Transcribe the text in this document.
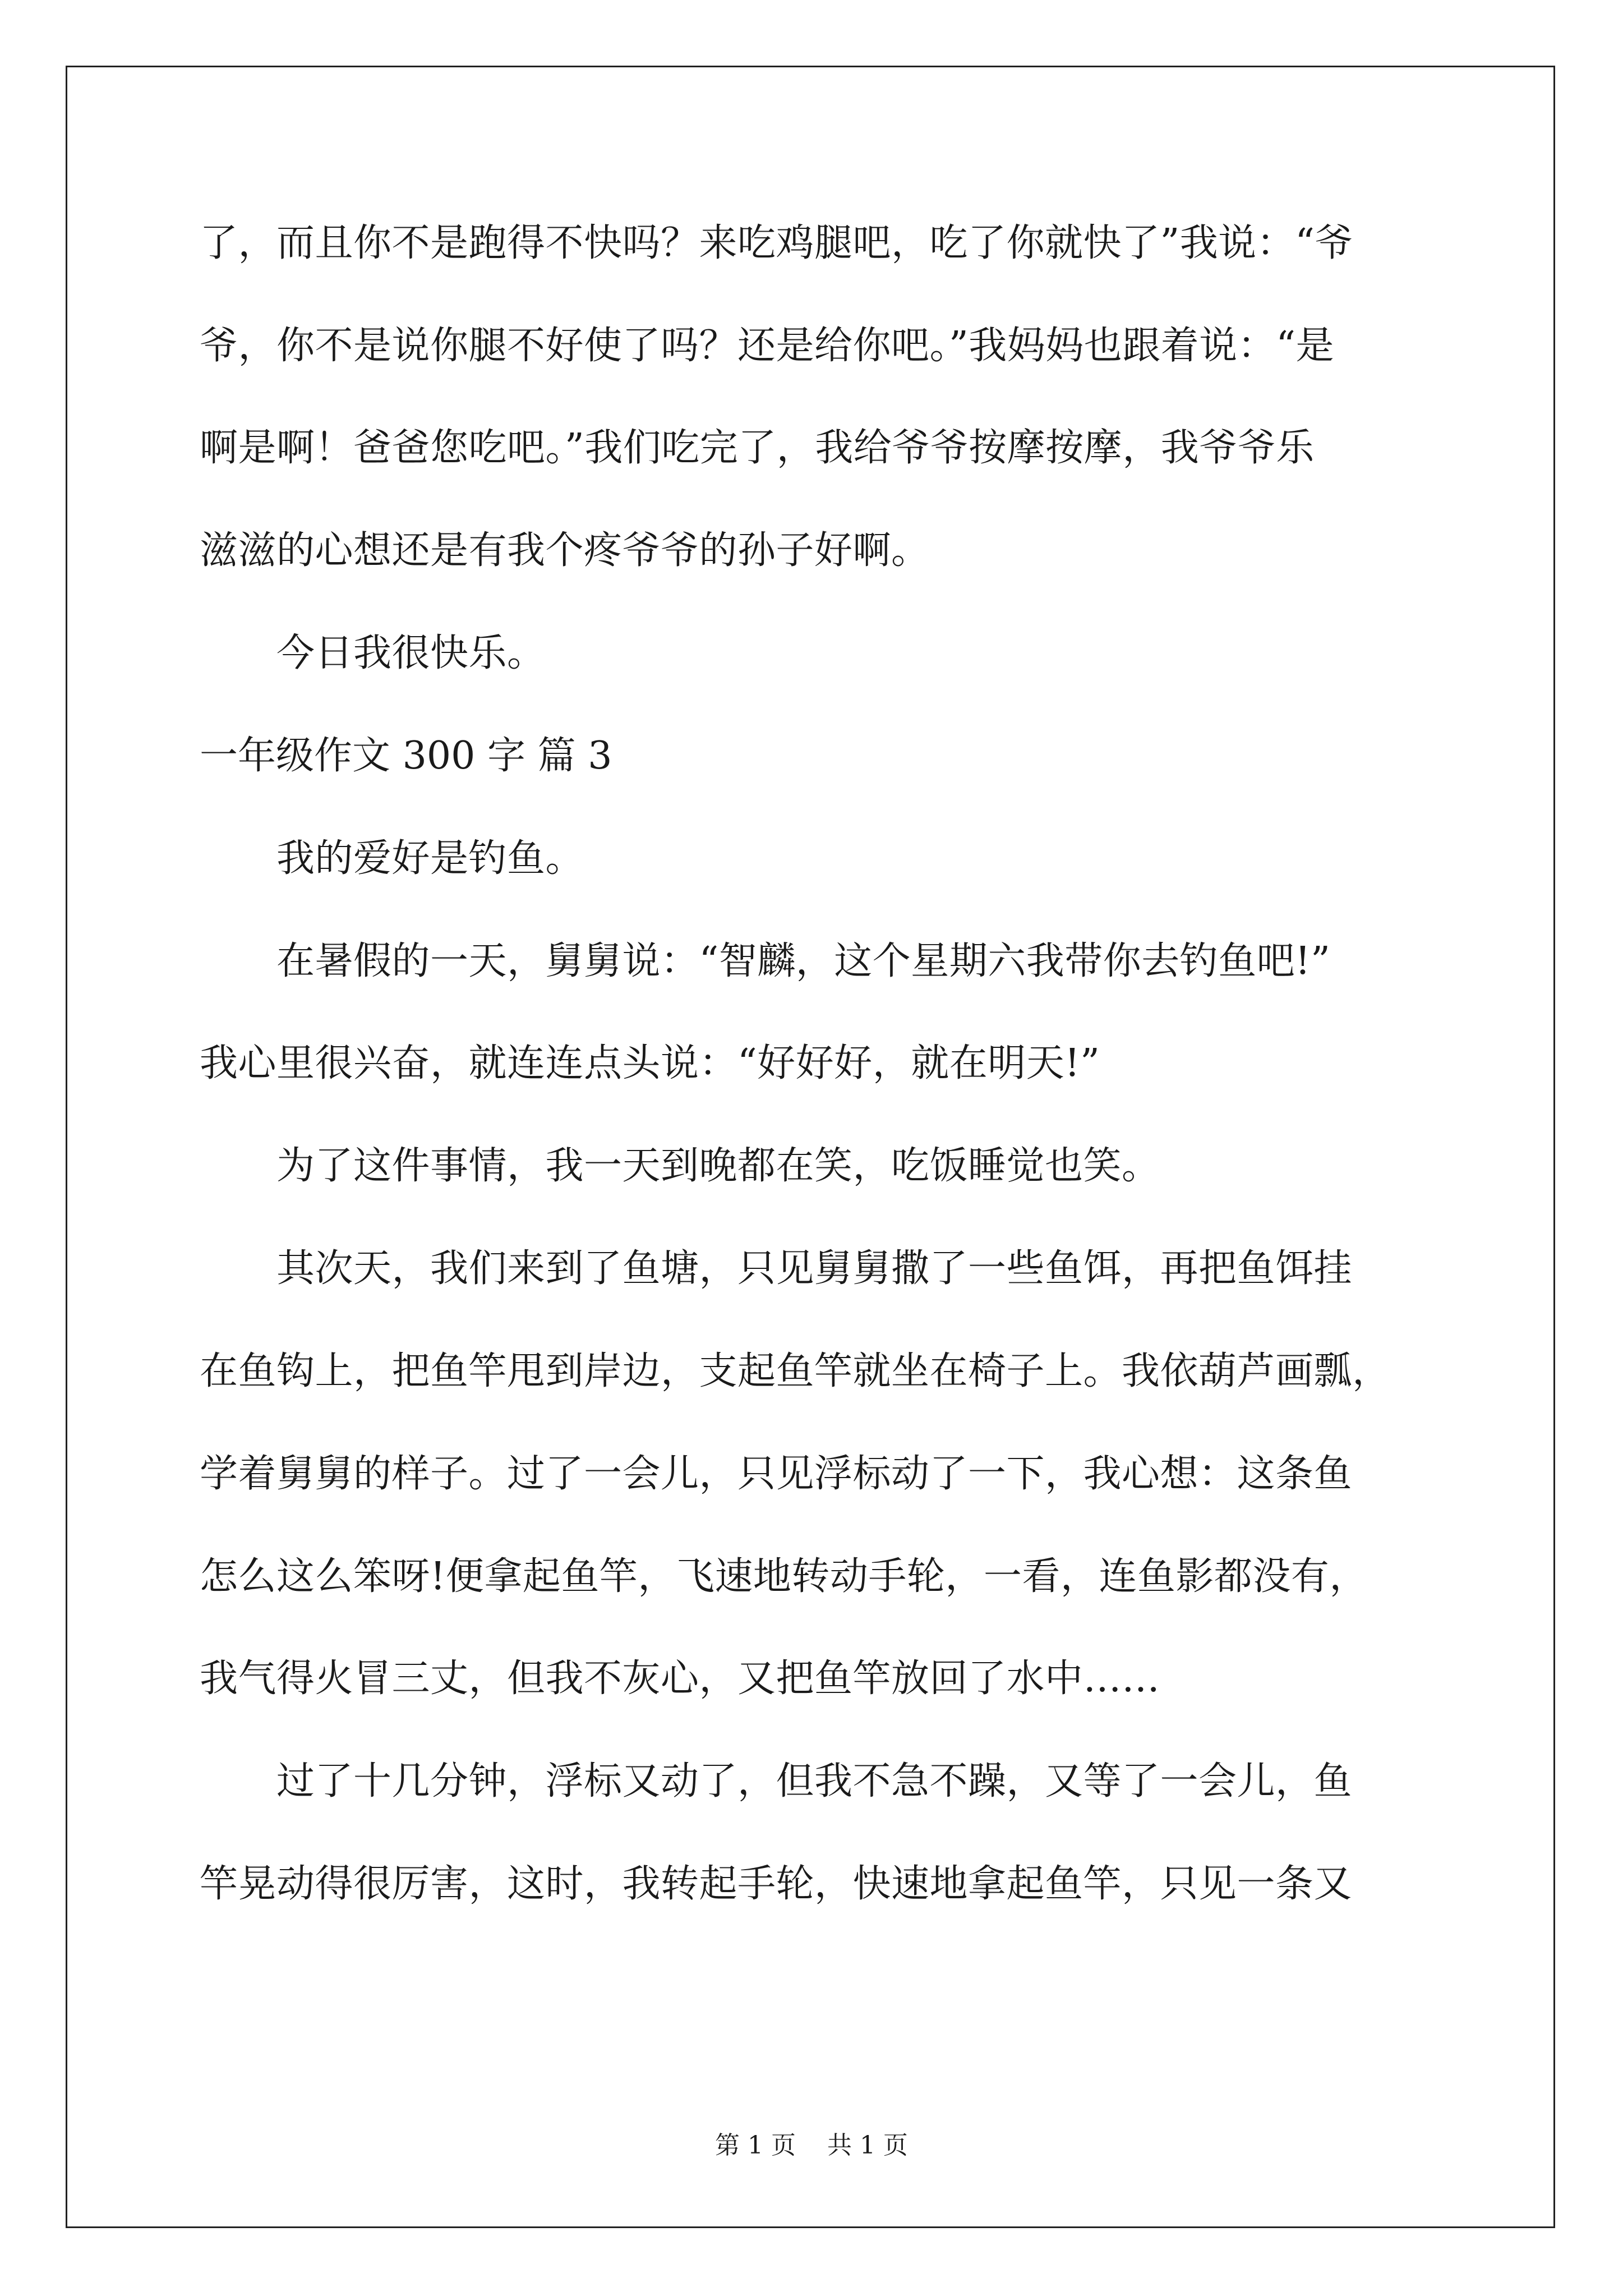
了，而且你不是跑得不快吗？来吃鸡腿吧，吃了你就快了”我说：“爷
爷，你不是说你腿不好使了吗？还是给你吧。”我妈妈也跟着说：“是
啊是啊！爸爸您吃吧。”我们吃完了，我给爷爷按摩按摩，我爷爷乐
滋滋的心想还是有我个疼爷爷的孙子好啊。
　　今日我很快乐。
一年级作文 300 字 篇 3
　　我的爱好是钓鱼。
　　在暑假的一天，舅舅说：“智麟，这个星期六我带你去钓鱼吧!”
我心里很兴奋，就连连点头说：“好好好，就在明天!”
　　为了这件事情，我一天到晚都在笑，吃饭睡觉也笑。
　　其次天，我们来到了鱼塘，只见舅舅撒了一些鱼饵，再把鱼饵挂
在鱼钩上，把鱼竿甩到岸边，支起鱼竿就坐在椅子上。我依葫芦画瓢，
学着舅舅的样子。过了一会儿，只见浮标动了一下，我心想：这条鱼
怎么这么笨呀!便拿起鱼竿，飞速地转动手轮，一看，连鱼影都没有，
我气得火冒三丈，但我不灰心，又把鱼竿放回了水中……
　　过了十几分钟，浮标又动了，但我不急不躁，又等了一会儿，鱼
竿晃动得很厉害，这时，我转起手轮，快速地拿起鱼竿，只见一条又
第 1 页    共 1 页
